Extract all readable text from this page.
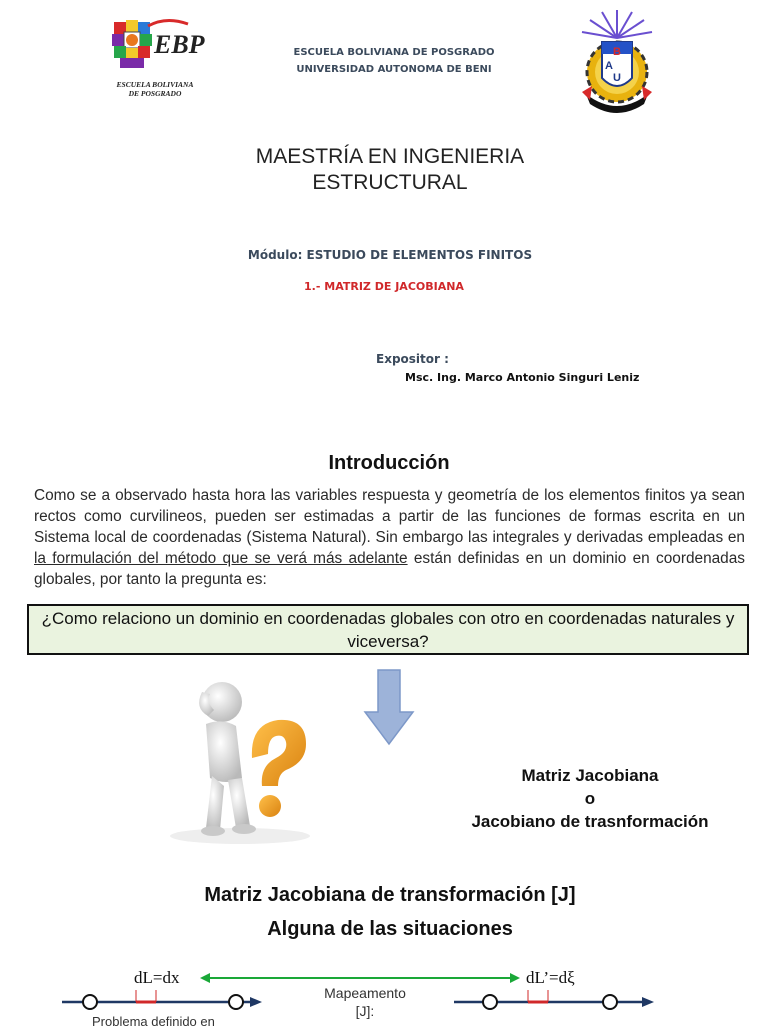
EBP
ESCUELA BOLIVIANA
DE POSGRADO
ESCUELA BOLIVIANA DE POSGRADO
UNIVERSIDAD AUTONOMA DE BENI
B
A
U
MAESTRÍA EN INGENIERIA
ESTRUCTURAL
Módulo: ESTUDIO DE ELEMENTOS FINITOS
1.- MATRIZ DE JACOBIANA
Expositor :
Msc. Ing. Marco Antonio Singuri Leniz
Introducción
Como se a observado hasta hora las variables respuesta y geometría de los elementos finitos ya sean rectos como curvilineos, pueden ser estimadas a partir de las funciones de formas escrita en un Sistema local de coordenadas (Sistema Natural). Sin embargo las integrales y derivadas empleadas en la formulación del método que se verá más adelante están definidas en un dominio en coordenadas globales, por tanto la pregunta es:
¿Como relaciono un dominio en coordenadas globales con otro en coordenadas naturales y viceversa?
Matriz Jacobiana
o
Jacobiano de trasnformación
Matriz Jacobiana de transformación [J]
Alguna de las situaciones
dL=dx	dL’=dξ
Mapeamento
[J]:
Problema definido en
